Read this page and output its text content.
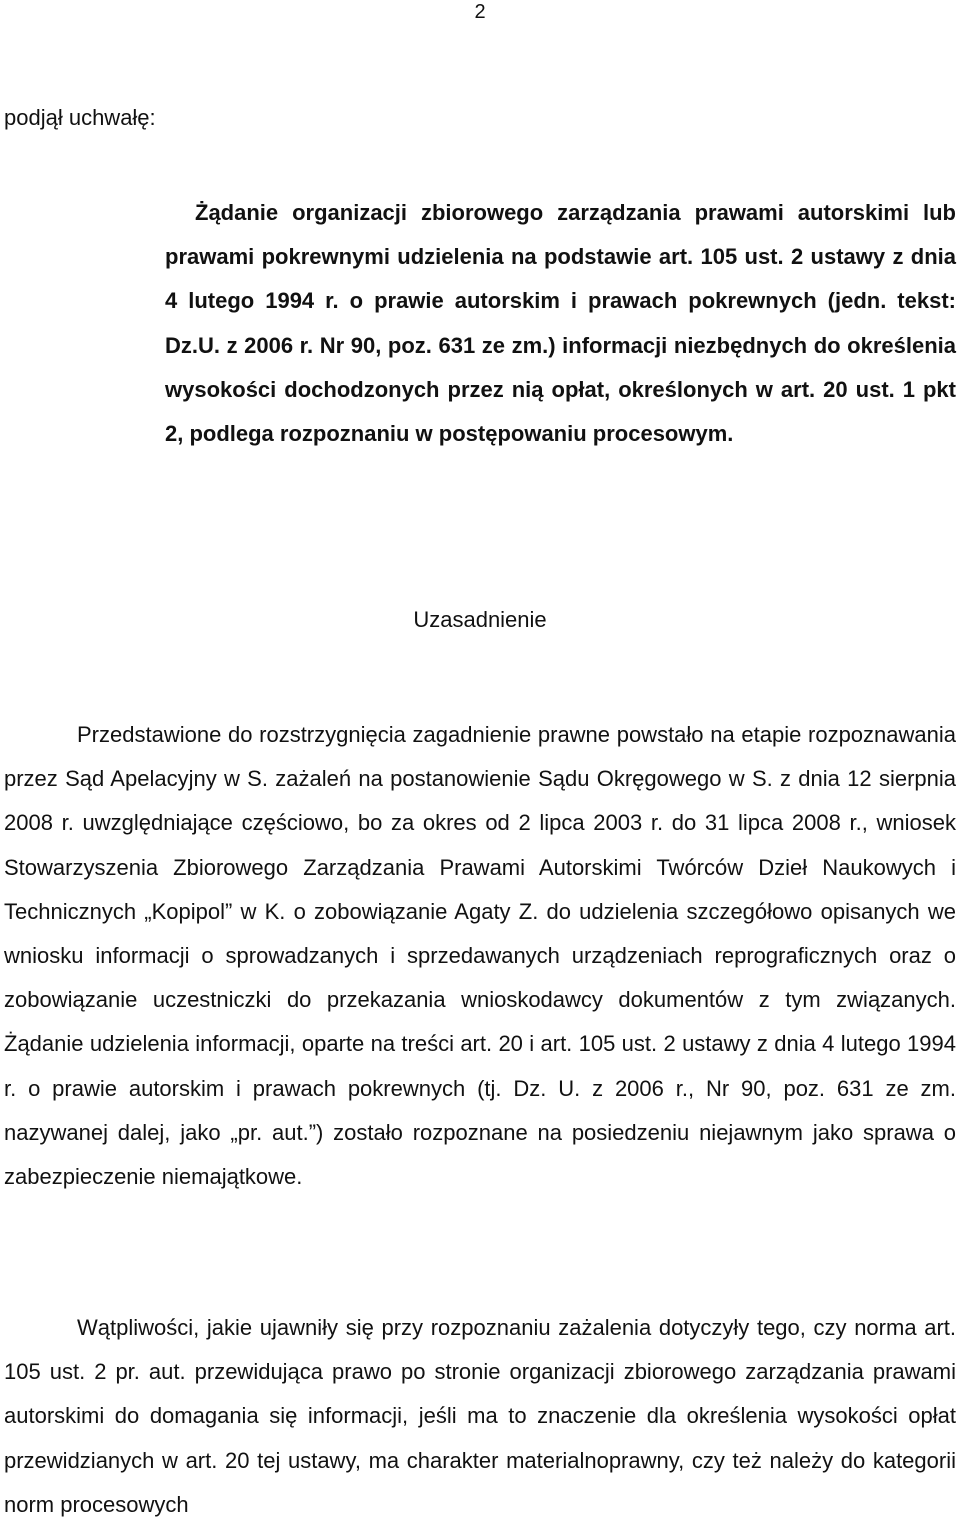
2

podjął uchwałę:

Żądanie organizacji zbiorowego zarządzania prawami autorskimi lub prawami pokrewnymi udzielenia na podstawie art. 105 ust. 2 ustawy z dnia 4 lutego 1994 r. o prawie autorskim i prawach pokrewnych (jedn. tekst: Dz.U. z 2006 r. Nr 90, poz. 631 ze zm.) informacji niezbędnych do określenia wysokości dochodzonych przez nią opłat, określonych w art. 20 ust. 1 pkt 2, podlega rozpoznaniu w postępowaniu procesowym.

Uzasadnienie

Przedstawione do rozstrzygnięcia zagadnienie prawne powstało na etapie rozpoznawania przez Sąd Apelacyjny w S. zażaleń na postanowienie Sądu Okręgowego w S. z dnia 12 sierpnia 2008 r. uwzględniające częściowo, bo za okres od 2 lipca 2003 r. do 31 lipca 2008 r., wniosek Stowarzyszenia Zbiorowego Zarządzania Prawami Autorskimi Twórców Dzieł Naukowych i Technicznych „Kopipol” w K. o zobowiązanie Agaty Z. do udzielenia szczegółowo opisanych we wniosku informacji o sprowadzanych i sprzedawanych urządzeniach reprograficznych oraz o zobowiązanie uczestniczki do przekazania wnioskodawcy dokumentów z tym związanych. Żądanie udzielenia informacji, oparte na treści art. 20 i art. 105 ust. 2 ustawy z dnia 4 lutego 1994 r. o prawie autorskim i prawach pokrewnych (tj. Dz. U. z 2006 r., Nr 90, poz. 631 ze zm. nazywanej dalej, jako „pr. aut.”) zostało rozpoznane na posiedzeniu niejawnym jako sprawa o zabezpieczenie niemajątkowe.

Wątpliwości, jakie ujawniły się przy rozpoznaniu zażalenia dotyczyły tego, czy norma art. 105 ust. 2 pr. aut. przewidująca prawo po stronie organizacji zbiorowego zarządzania prawami autorskimi do domagania się informacji, jeśli ma to znaczenie dla określenia wysokości opłat przewidzianych w art. 20 tej ustawy, ma charakter materialnoprawny, czy też należy do kategorii norm procesowych
